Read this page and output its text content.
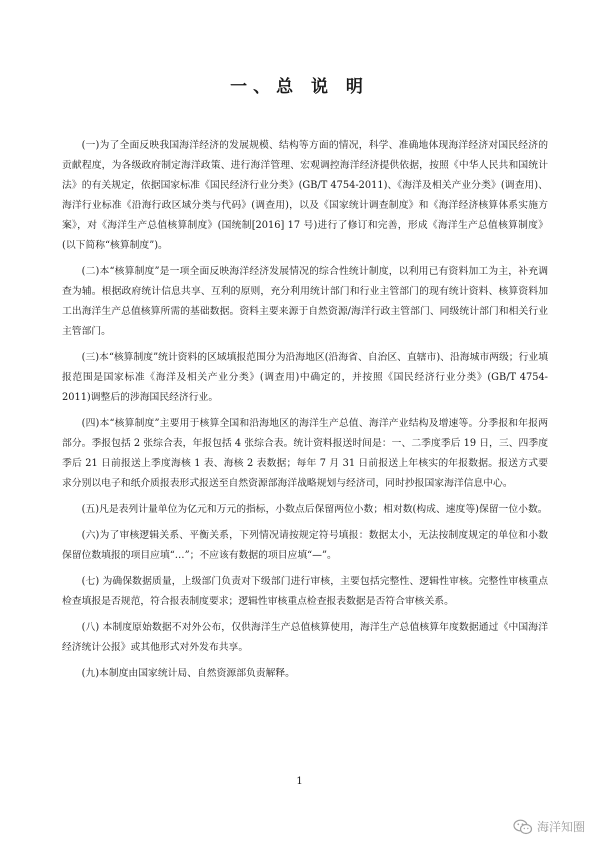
一、总 说 明

(一)为了全面反映我国海洋经济的发展规模、结构等方面的情况，科学、准确地体现海洋经济对国民经济的贡献程度，为各级政府制定海洋政策、进行海洋管理、宏观调控海洋经济提供依据，按照《中华人民共和国统计法》的有关规定，依据国家标准《国民经济行业分类》(GB/T 4754-2011)、《海洋及相关产业分类》(调查用)、海洋行业标准《沿海行政区域分类与代码》(调查用)，以及《国家统计调查制度》和《海洋经济核算体系实施方案》，对《海洋生产总值核算制度》(国统制[2016] 17 号)进行了修订和完善，形成《海洋生产总值核算制度》(以下简称“核算制度”)。

(二)本“核算制度”是一项全面反映海洋经济发展情况的综合性统计制度，以利用已有资料加工为主，补充调查为辅。根据政府统计信息共享、互利的原则，充分利用统计部门和行业主管部门的现有统计资料、核算资料加工出海洋生产总值核算所需的基础数据。资料主要来源于自然资源/海洋行政主管部门、同级统计部门和相关行业主管部门。

(三)本“核算制度”统计资料的区域填报范围分为沿海地区(沿海省、自治区、直辖市)、沿海城市两级；行业填报范围是国家标准《海洋及相关产业分类》(调查用)中确定的，并按照《国民经济行业分类》(GB/T 4754-2011)调整后的涉海国民经济行业。

(四)本“核算制度”主要用于核算全国和沿海地区的海洋生产总值、海洋产业结构及增速等。分季报和年报两部分。季报包括 2 张综合表，年报包括 4 张综合表。统计资料报送时间是：一、二季度季后 19 日，三、四季度季后 21 日前报送上季度海核 1 表、海核 2 表数据；每年 7 月 31 日前报送上年核实的年报数据。报送方式要求分别以电子和纸介质报表形式报送至自然资源部海洋战略规划与经济司，同时抄报国家海洋信息中心。

(五)凡是表列计量单位为亿元和万元的指标，小数点后保留两位小数；相对数(构成、速度等)保留一位小数。

(六)为了审核逻辑关系、平衡关系，下列情况请按规定符号填报：数据太小，无法按制度规定的单位和小数保留位数填报的项目应填“…”；不应该有数据的项目应填“—”。

(七) 为确保数据质量，上级部门负责对下级部门进行审核，主要包括完整性、逻辑性审核。完整性审核重点检查填报是否规范，符合报表制度要求；逻辑性审核重点检查报表数据是否符合审核关系。

(八) 本制度原始数据不对外公布，仅供海洋生产总值核算使用，海洋生产总值核算年度数据通过《中国海洋经济统计公报》或其他形式对外发布共享。

(九)本制度由国家统计局、自然资源部负责解释。

1
海洋知圈
